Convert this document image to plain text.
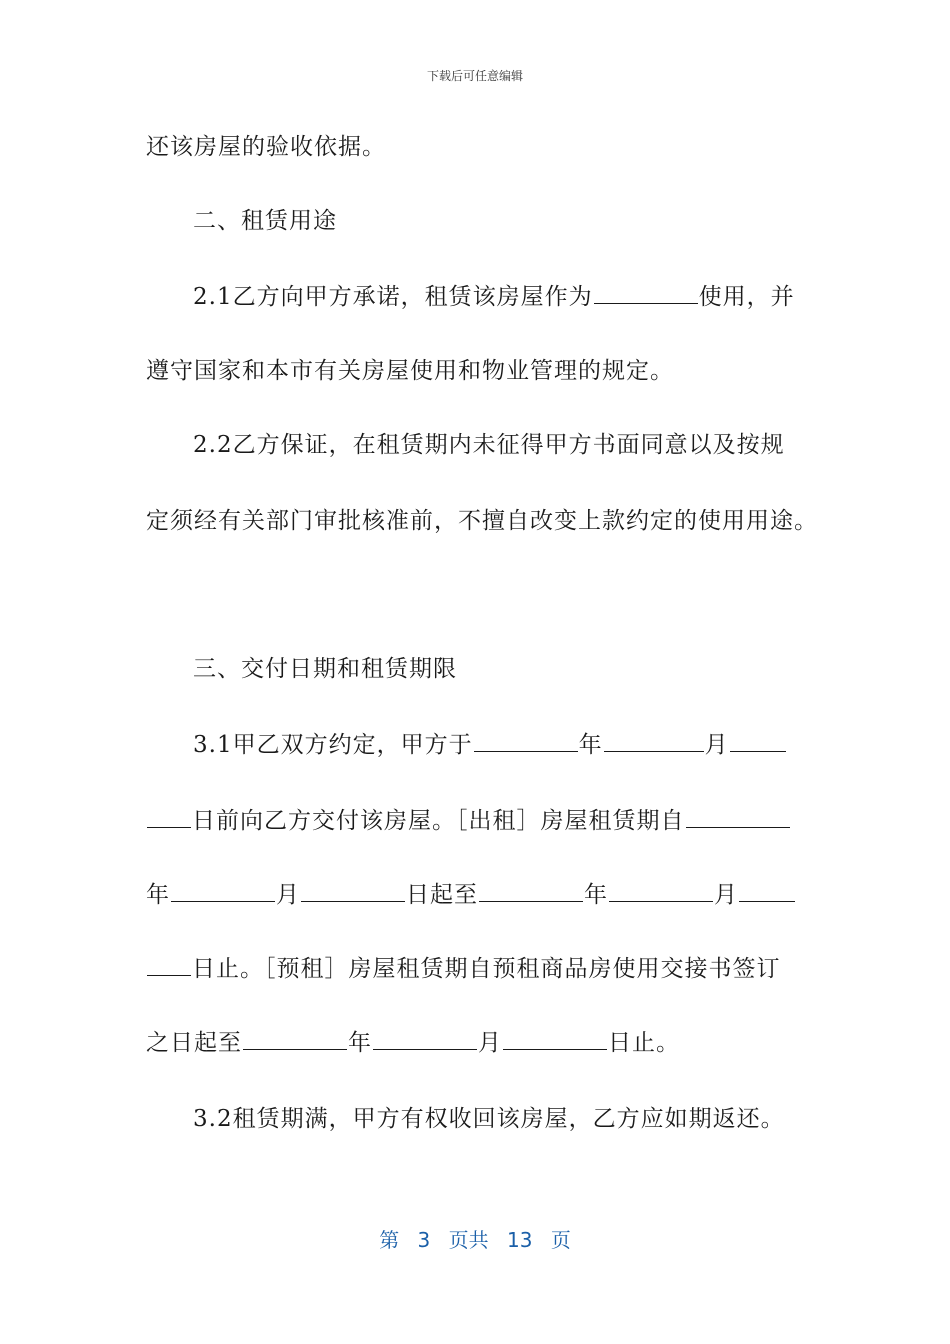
下载后可任意编辑
还该房屋的验收依据。
二、租赁用途
2.1乙方向甲方承诺，租赁该房屋作为	使用，并
遵守国家和本市有关房屋使用和物业管理的规定。
2.2乙方保证，在租赁期内未征得甲方书面同意以及按规
定须经有关部门审批核准前，不擅自改变上款约定的使用用途。
三、交付日期和租赁期限
3.1甲乙双方约定，甲方于	年	月
日前向乙方交付该房屋。［出租］房屋租赁期自
年	月	日起至	年	月
日止。［预租］房屋租赁期自预租商品房使用交接书签订
之日起至	年	月	日止。
3.2租赁期满，甲方有权收回该房屋，乙方应如期返还。
第 3 页共 13 页
